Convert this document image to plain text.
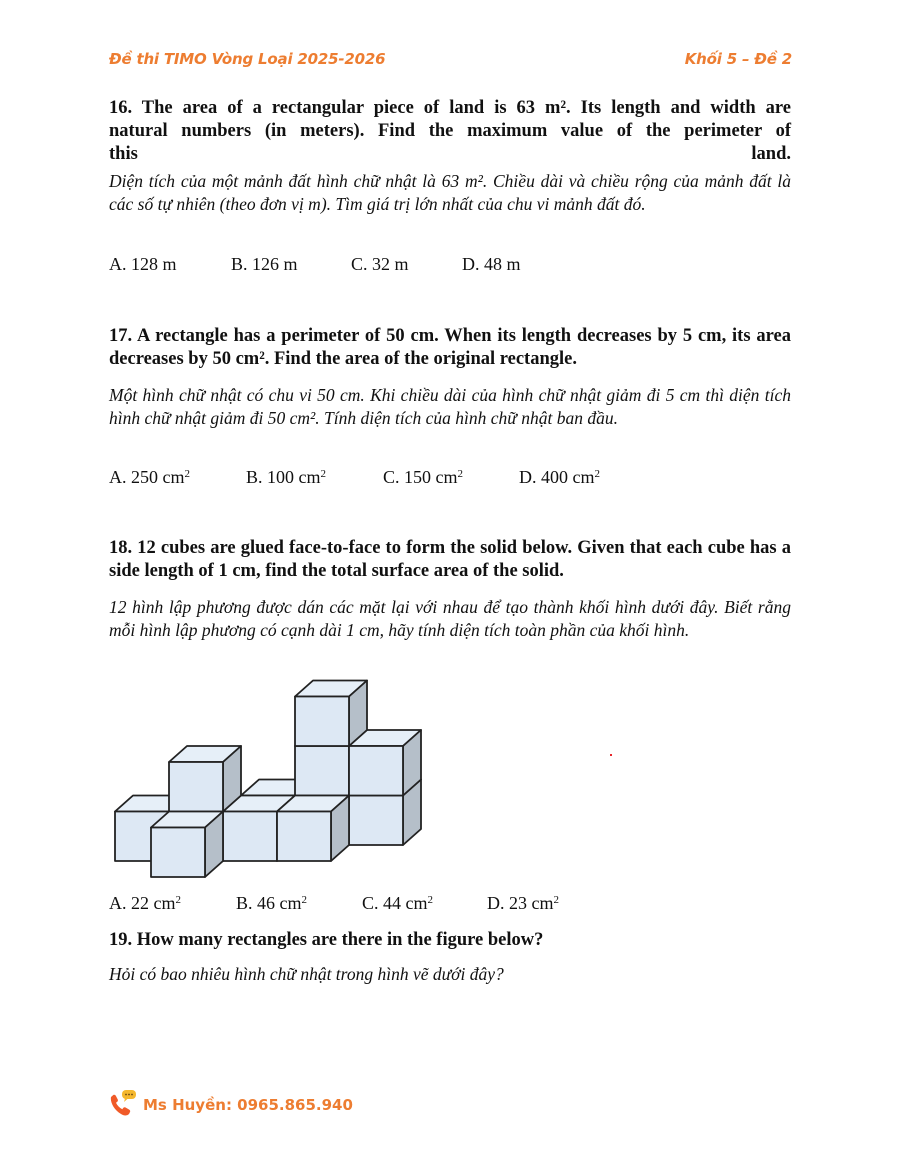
Đề thi TIMO Vòng Loại 2025-2026	Khối 5 – Đề 2
16. The area of a rectangular piece of land is 63 m². Its length and width are
natural numbers (in meters). Find the maximum value of the perimeter of
this	land.
Diện tích của một mảnh đất hình chữ nhật là 63 m². Chiều dài và chiều rộng của mảnh đất là các số tự nhiên (theo đơn vị m). Tìm giá trị lớn nhất của chu vi mảnh đất đó.
A. 128 m	B. 126 m	C. 32 m	D. 48 m
17. A rectangle has a perimeter of 50 cm. When its length decreases by 5 cm, its area decreases by 50 cm². Find the area of the original rectangle.
Một hình chữ nhật có chu vi 50 cm. Khi chiều dài của hình chữ nhật giảm đi 5 cm thì diện tích hình chữ nhật giảm đi 50 cm². Tính diện tích của hình chữ nhật ban đầu.
A. 250 $cm^2$	B. 100 $cm^2$	C. 150 $cm^2$	D. 400 $cm^2$
18. 12 cubes are glued face-to-face to form the solid below. Given that each cube has a side length of 1 cm, find the total surface area of the solid.
12 hình lập phương được dán các mặt lại với nhau để tạo thành khối hình dưới đây. Biết rằng mỗi hình lập phương có cạnh dài 1 cm, hãy tính diện tích toàn phần của khối hình.
A. 22 $cm^2$	B. 46 $cm^2$	C. 44 $cm^2$	D. 23 $cm^2$
19. How many rectangles are there in the figure below?
Hỏi có bao nhiêu hình chữ nhật trong hình vẽ dưới đây?
Ms Huyền: 0965.865.940
